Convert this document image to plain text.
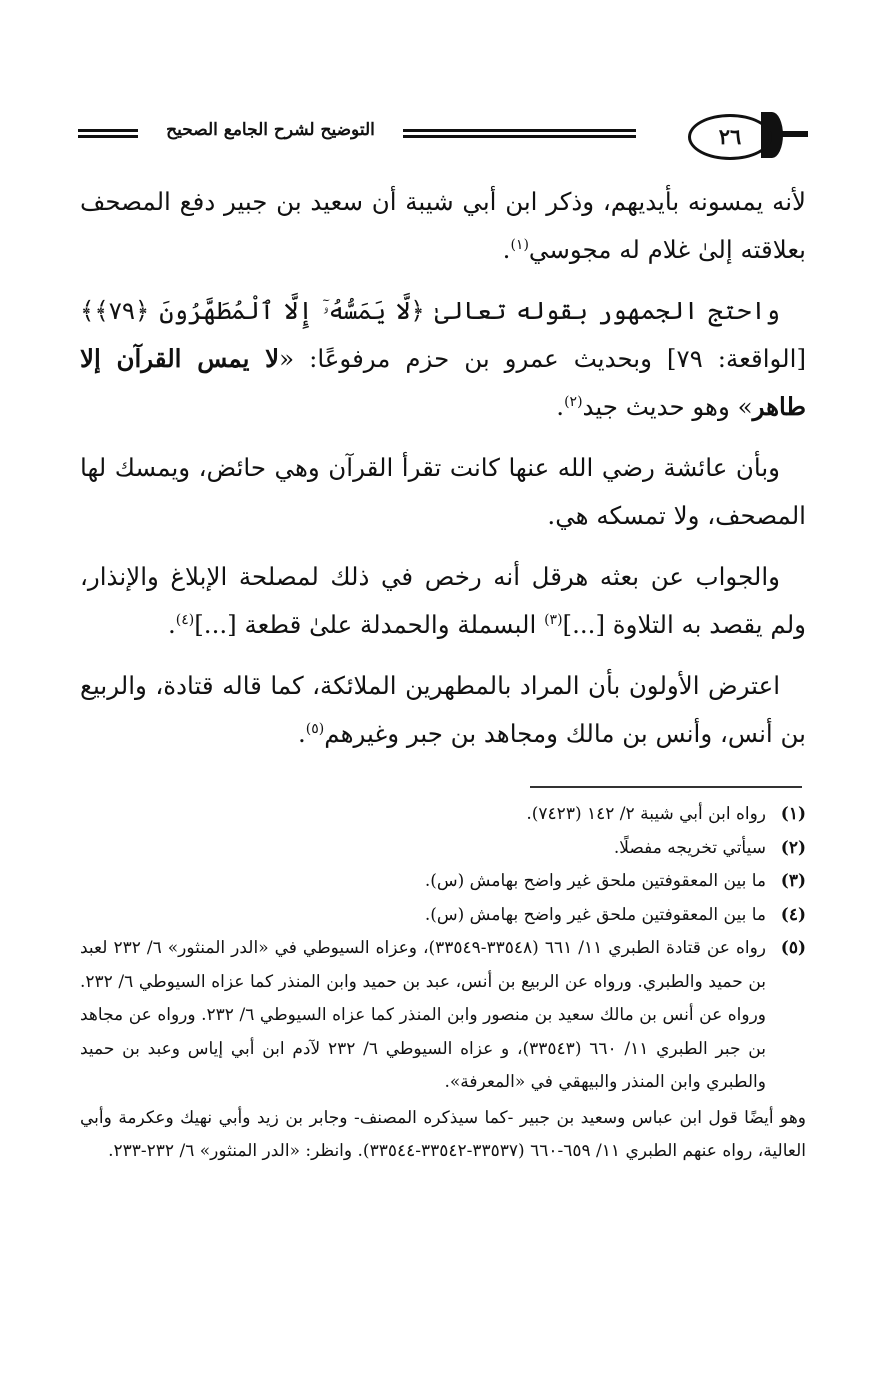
التوضيح لشرح الجامع الصحيح	٢٦

لأنه يمسونه بأيديهم، وذكر ابن أبي شيبة أن سعيد بن جبير دفع المصحف بعلاقته إلىٰ غلام له مجوسي$^{(١)}$.

واحتج الجمهور بقوله تعالىٰ ﴿لَّا يَمَسُّهُۥٓ إِلَّا ٱلْمُطَهَّرُونَ ﴿٧٩﴾﴾ [الواقعة: ٧٩] وبحديث عمرو بن حزم مرفوعًا: «لا يمس القرآن إلا طاهر» وهو حديث جيد$^{(٢)}$.

وبأن عائشة رضي الله عنها كانت تقرأ القرآن وهي حائض، ويمسك لها المصحف، ولا تمسكه هي.

والجواب عن بعثه هرقل أنه رخص في ذلك لمصلحة الإبلاغ والإنذار، ولم يقصد به التلاوة [...]$^{(٣)}$ البسملة والحمدلة علىٰ قطعة [...]$^{(٤)}$.

اعترض الأولون بأن المراد بالمطهرين الملائكة، كما قاله قتادة، والربيع بن أنس، وأنس بن مالك ومجاهد بن جبر وغيرهم$^{(٥)}$.

(١)
رواه ابن أبي شيبة ٢/ ١٤٢ (٧٤٢٣).
(٢)
سيأتي تخريجه مفصلًا.
(٣)
ما بين المعقوفتين ملحق غير واضح بهامش (س).
(٤)
ما بين المعقوفتين ملحق غير واضح بهامش (س).
(٥)
رواه عن قتادة الطبري ١١/ ٦٦١ (٣٣٥٤٨-٣٣٥٤٩)، وعزاه السيوطي في «الدر المنثور» ٦/ ٢٣٢ لعبد بن حميد والطبري. ورواه عن الربيع بن أنس، عبد بن حميد وابن المنذر كما عزاه السيوطي ٦/ ٢٣٢. ورواه عن أنس بن مالك سعيد بن منصور وابن المنذر كما عزاه السيوطي ٦/ ٢٣٢. ورواه عن مجاهد بن جبر الطبري ١١/ ٦٦٠ (٣٣٥٤٣)، و عزاه السيوطي ٦/ ٢٣٢ لآدم ابن أبي إياس وعبد بن حميد والطبري وابن المنذر والبيهقي في «المعرفة».
وهو أيضًا قول ابن عباس وسعيد بن جبير -كما سيذكره المصنف- وجابر بن زيد وأبي نهيك وعكرمة وأبي العالية، رواه عنهم الطبري ١١/ ٦٥٩-٦٦٠ (٣٣٥٣٧-٣٣٥٤٢-٣٣٥٤٤). وانظر: «الدر المنثور» ٦/ ٢٣٢-٢٣٣.
